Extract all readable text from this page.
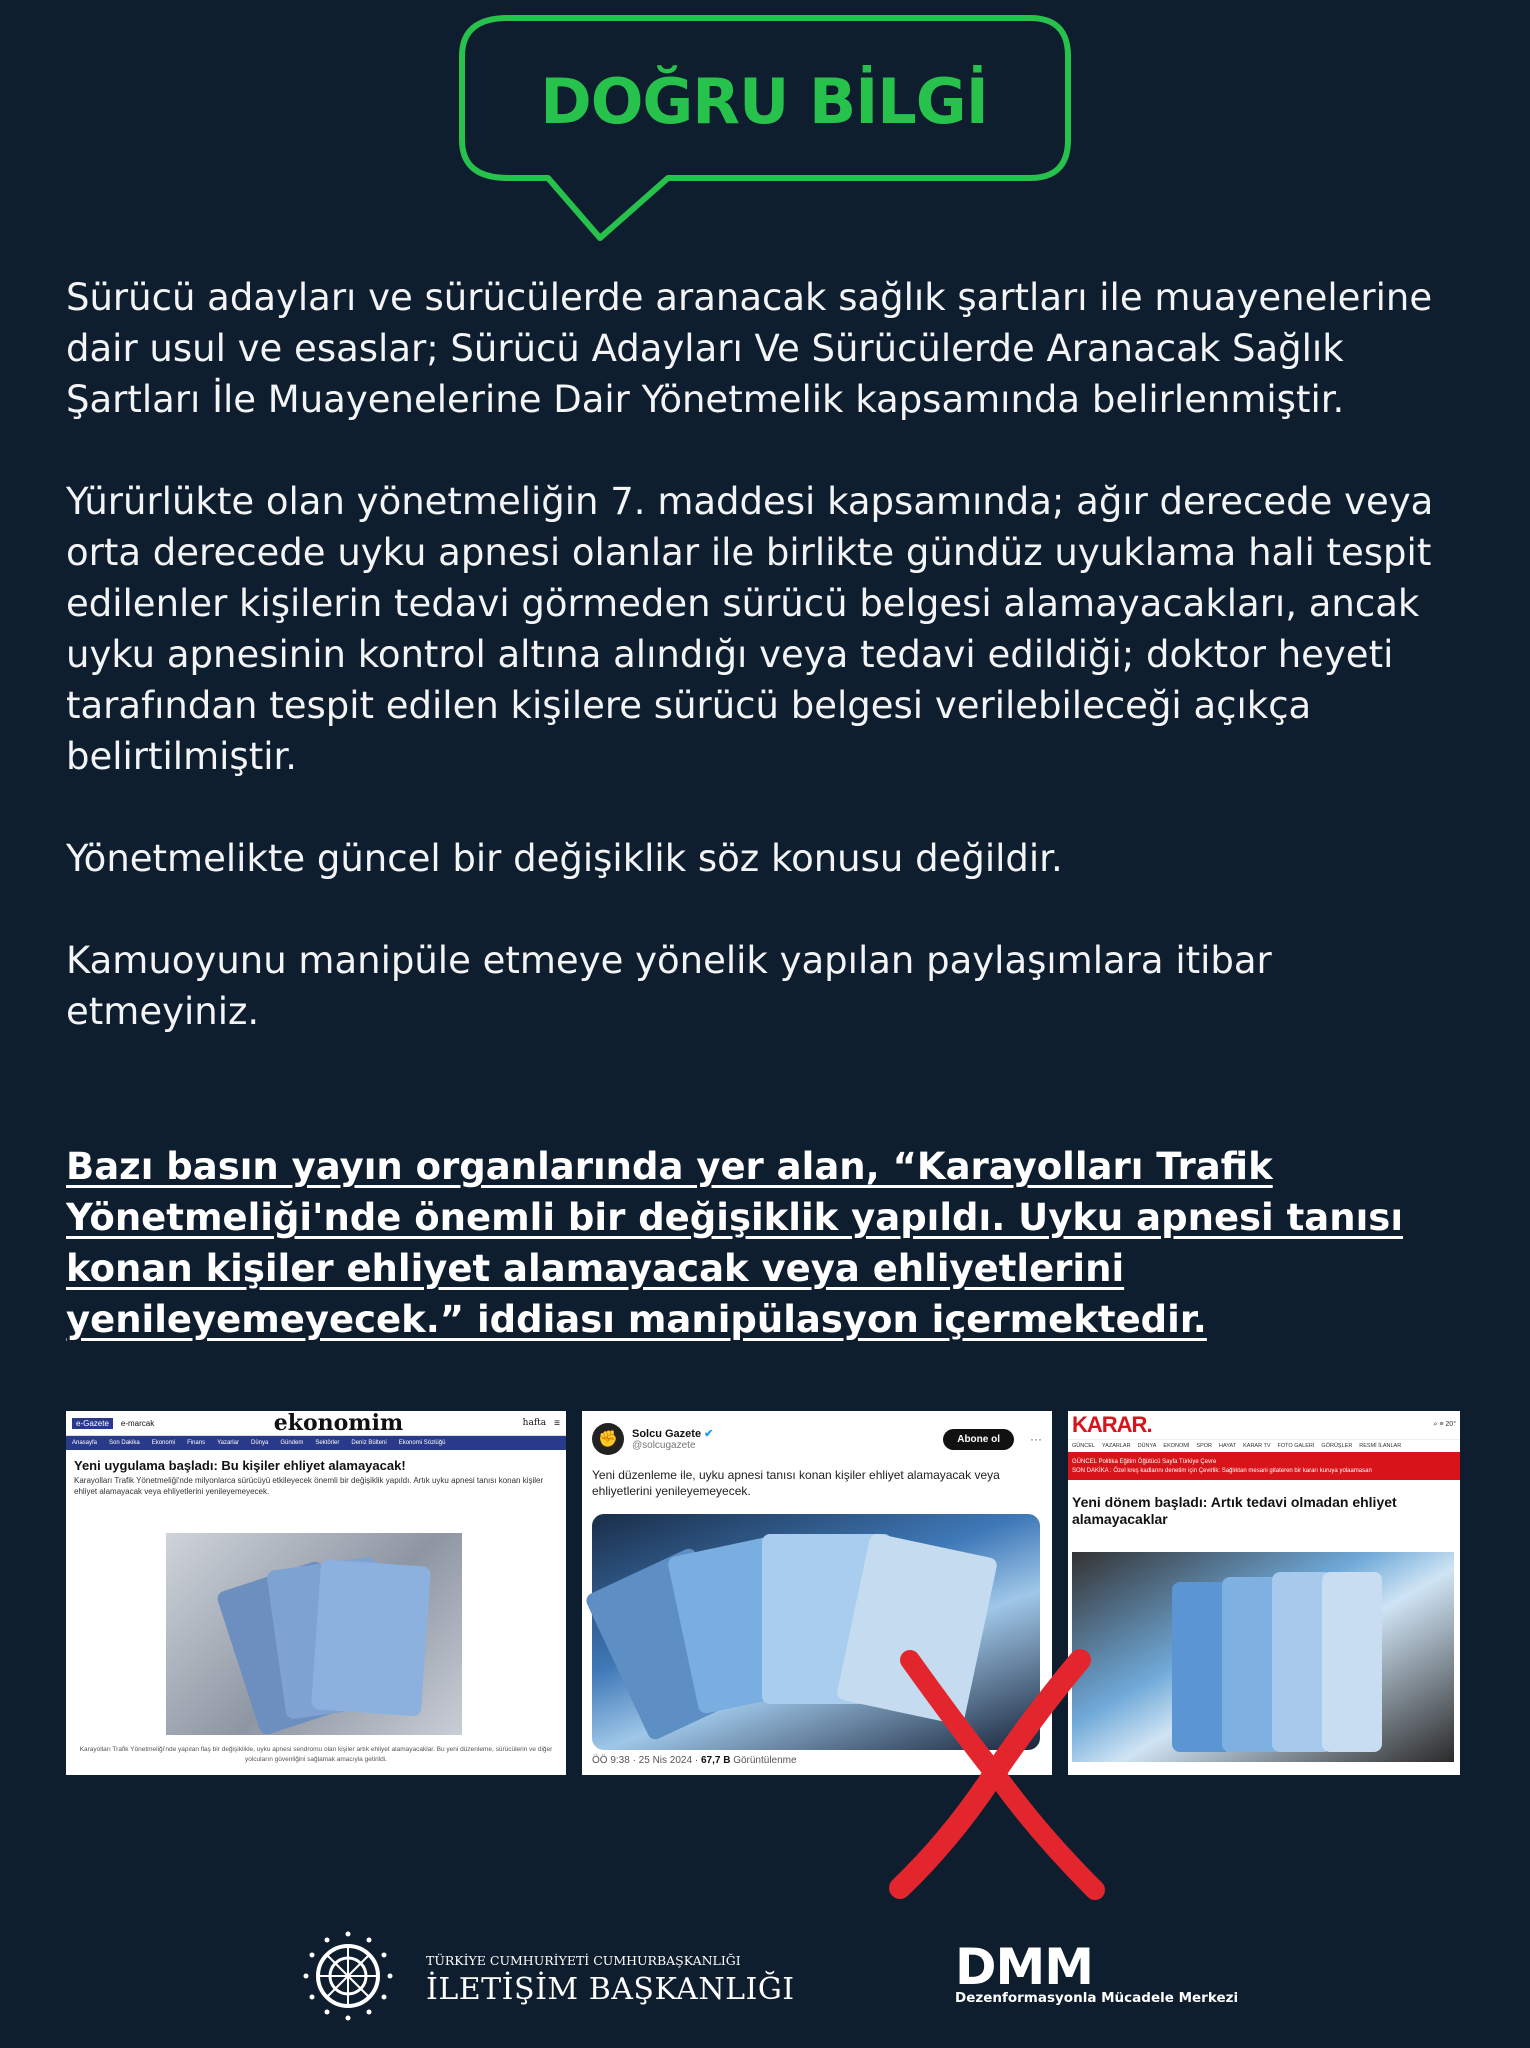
DOĞRU BİLGİ

Sürücü adayları ve sürücülerde aranacak sağlık şartları ile muayenelerine dair usul ve esaslar; Sürücü Adayları Ve Sürücülerde Aranacak Sağlık Şartları İle Muayenelerine Dair Yönetmelik kapsamında belirlenmiştir.

Yürürlükte olan yönetmeliğin 7. maddesi kapsamında; ağır derecede veya orta derecede uyku apnesi olanlar ile birlikte gündüz uyuklama hali tespit edilenler kişilerin tedavi görmeden sürücü belgesi alamayacakları, ancak uyku apnesinin kontrol altına alındığı veya tedavi edildiği; doktor heyeti tarafından tespit edilen kişilere sürücü belgesi verilebileceği açıkça belirtilmiştir.

Yönetmelikte güncel bir değişiklik söz konusu değildir.

Kamuoyunu manipüle etmeye yönelik yapılan paylaşımlara itibar etmeyiniz.

Bazı basın yayın organlarında yer alan, “Karayolları Trafik Yönetmeliği'nde önemli bir değişiklik yapıldı. Uyku apnesi tanısı konan kişiler ehliyet alamayacak veya ehliyetlerini yenileyemeyecek.” iddiası manipülasyon içermektedir.
e-Gazete	e-marcak	ekonomim	hafta ≡
Anasayfa Son Dakika Ekonomi Finans Yazarlar Dünya Gündem Sektörler Deniz Bülteni Ekonomi Sözlüğü
Yeni uygulama başladı: Bu kişiler ehliyet alamayacak!
Karayolları Trafik Yönetmeliği'nde milyonlarca sürücüyü etkileyecek önemli bir değişiklik yapıldı. Artık uyku apnesi tanısı konan kişiler ehliyet alamayacak veya ehliyetlerini yenileyemeyecek.
Karayolları Trafik Yönetmeliği'nde yapılan flaş bir değişiklikle, uyku apnesi sendromu olan kişiler artık ehliyet alamayacaklar. Bu yeni düzenleme, sürücülerin ve diğer yolcuların güvenliğini sağlamak amacıyla getirildi.
✊	Solcu Gazete ✔
@solcugazete
Abone ol	···
Yeni düzenleme ile, uyku apnesi tanısı konan kişiler ehliyet alamayacak veya ehliyetlerini yenileyemeyecek.
ÖÖ 9:38 · 25 Nis 2024 · 67,7 B Görüntülenme
KARAR.	⌕ ≡ 20°
GÜNCEL YAZARLAR DÜNYA EKONOMİ SPOR HAYAT KARAR TV FOTO GALERİ GÖRÜŞLER RESMİ İLANLAR
GÜNCEL Politika Eğitim Öğütücü Sayfa Türkiye Çevre
SON DAKİKA : Özel kreş kadlarını denetim için Çevirlik: Sağlıktan mesani gitateren bir kararı kuruya yolaamasan
Yeni dönem başladı: Artık tedavi olmadan ehliyet alamayacaklar
TÜRKİYE CUMHURİYETİ CUMHURBAŞKANLIĞI
İLETİŞİM BAŞKANLIĞI	DMM
Dezenformasyonla Mücadele Merkezi
